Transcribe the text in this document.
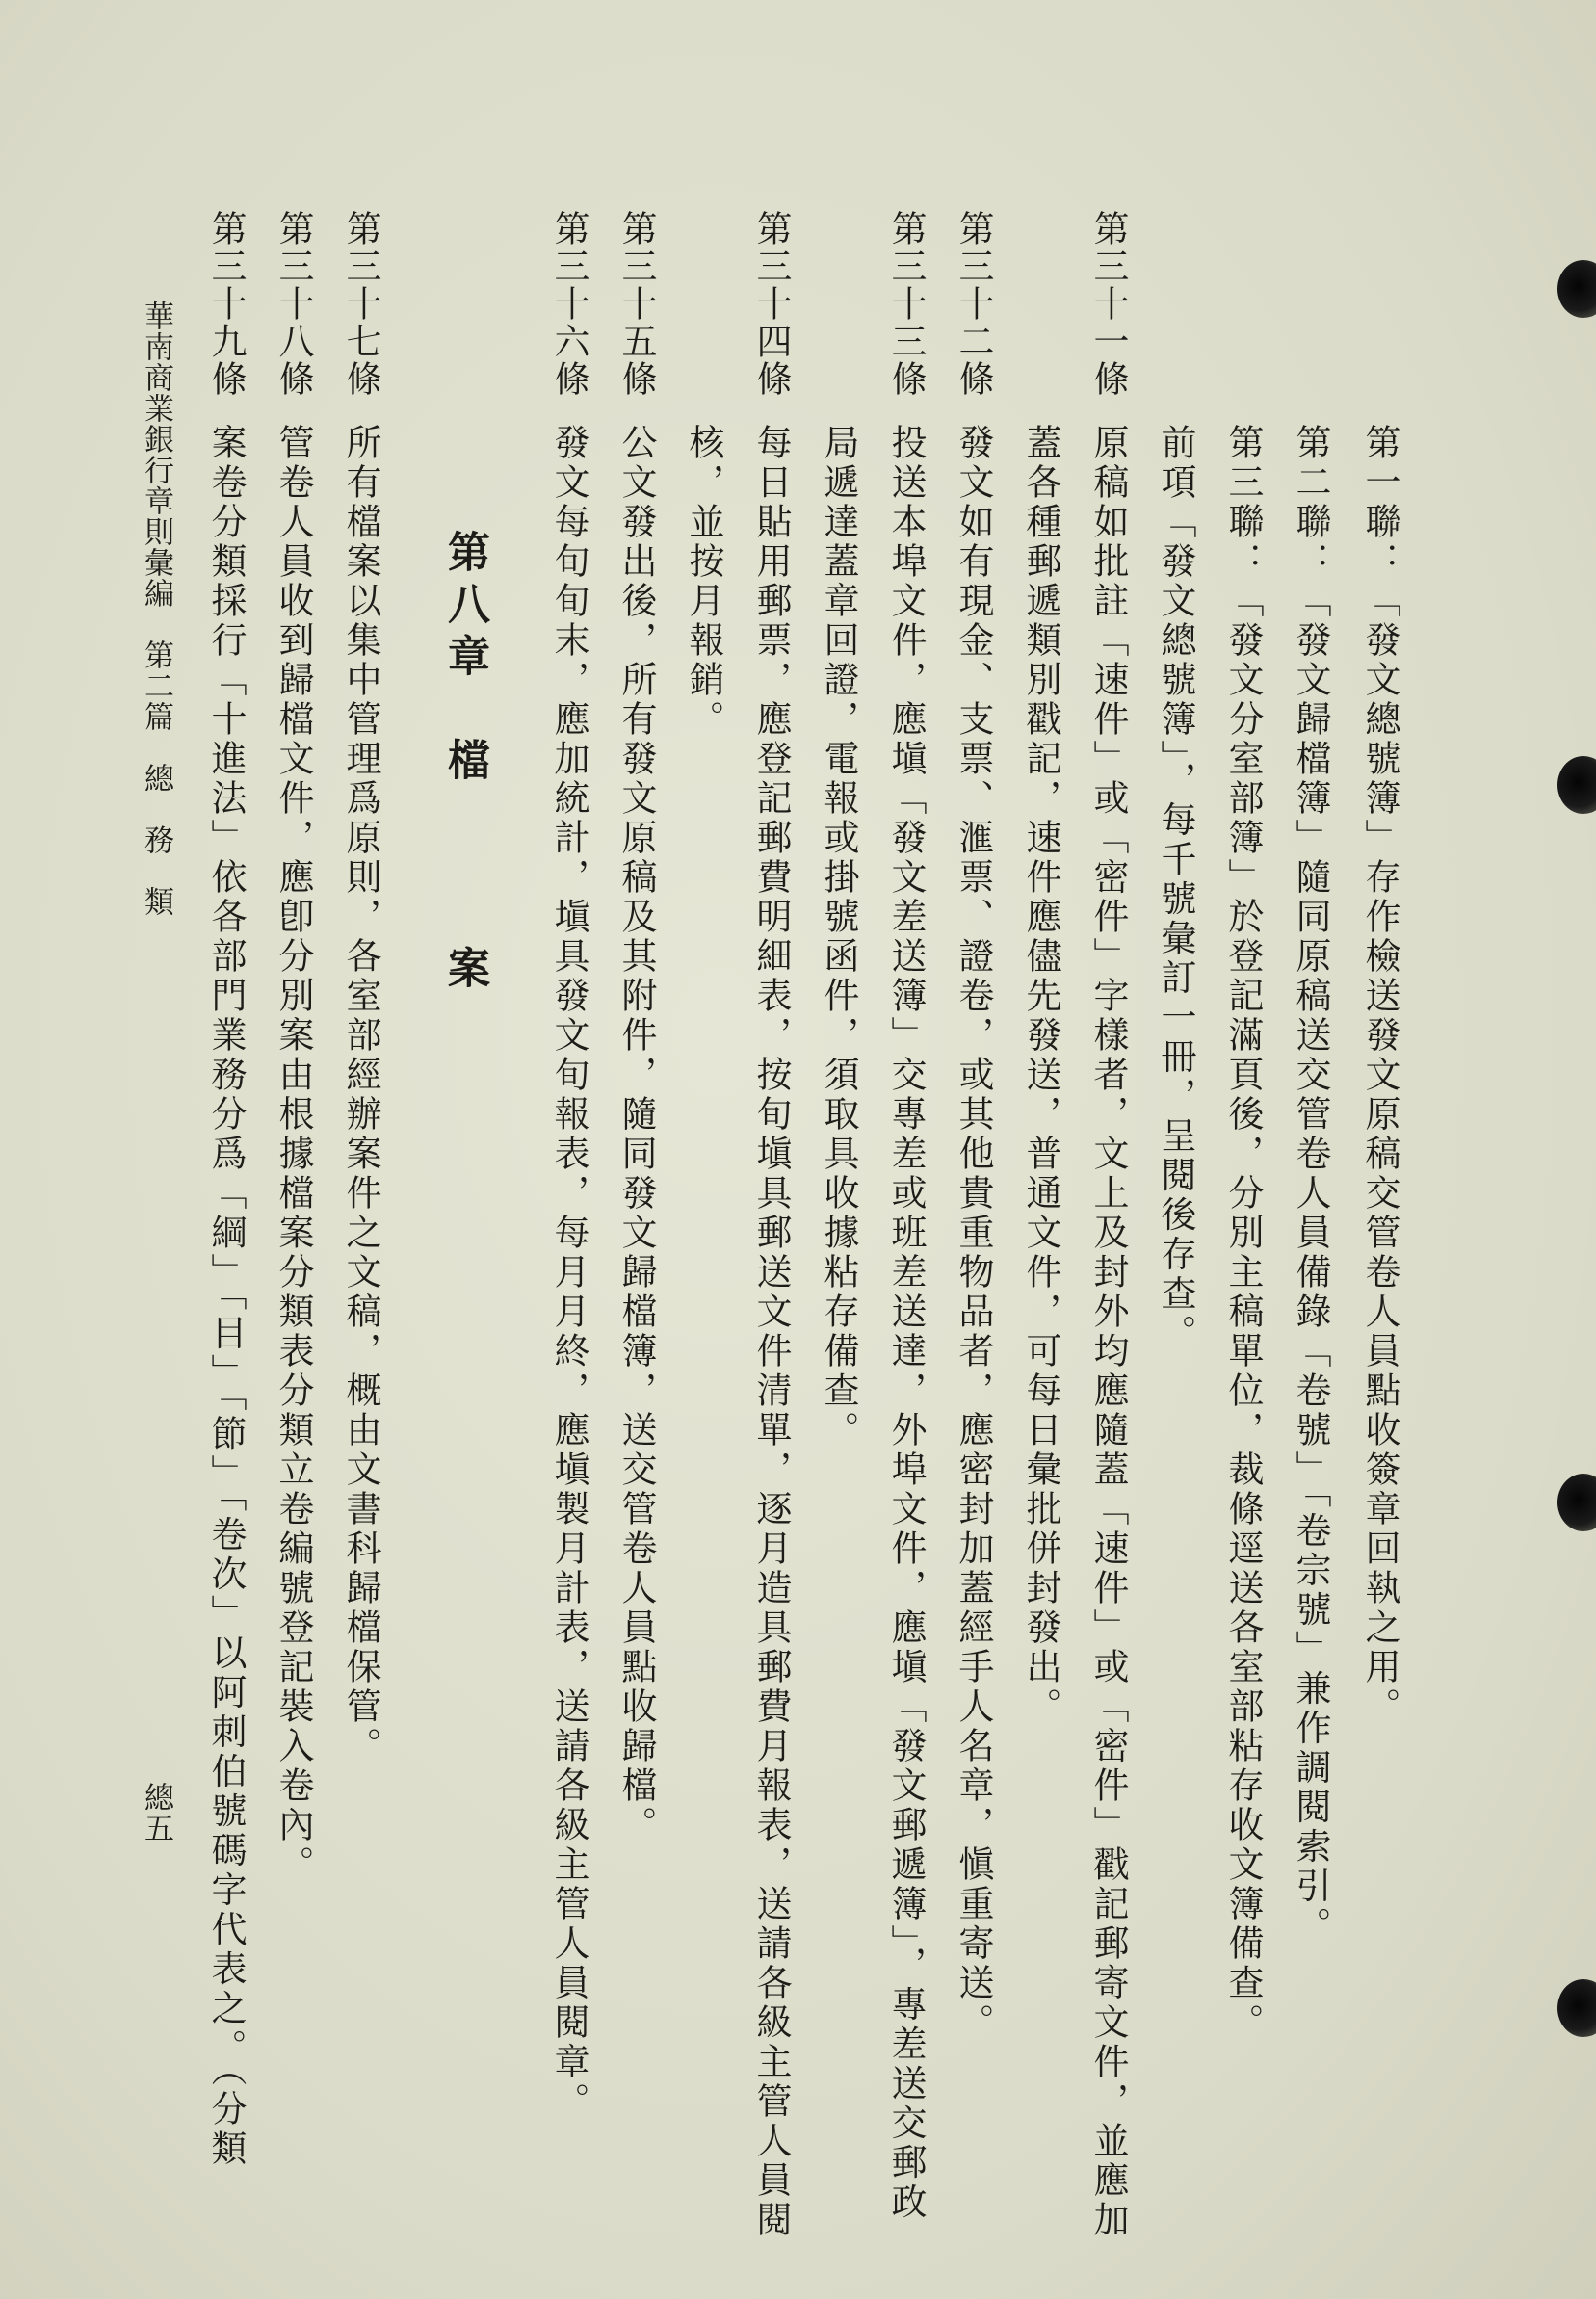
第一聯：「發文總號簿」存作檢送發文原稿交管卷人員點收簽章回執之用。
第二聯：「發文歸檔簿」隨同原稿送交管卷人員備錄「卷號」「卷宗號」兼作調閱索引。
第三聯：「發文分室部簿」於登記滿頁後，分別主稿單位，裁條逕送各室部粘存收文簿備查。
前項「發文總號簿」，每千號彙訂一冊，呈閱後存查。
第三十一條
原稿如批註「速件」或「密件」字樣者，文上及封外均應隨蓋「速件」或「密件」戳記郵寄文件，並應加
蓋各種郵遞類別戳記，速件應儘先發送，普通文件，可每日彙批併封發出。
第三十二條
發文如有現金、支票、滙票、證卷，或其他貴重物品者，應密封加蓋經手人名章，愼重寄送。
第三十三條
投送本埠文件，應塡「發文差送簿」交專差或班差送達，外埠文件，應塡「發文郵遞簿」，專差送交郵政
局遞達蓋章回證，電報或掛號函件，須取具收據粘存備查。
第三十四條
每日貼用郵票，應登記郵費明細表，按旬塡具郵送文件清單，逐月造具郵費月報表，送請各級主管人員閱
核，並按月報銷。
第三十五條
公文發出後，所有發文原稿及其附件，隨同發文歸檔簿，送交管卷人員點收歸檔。
第三十六條
發文每旬旬末，應加統計，塡具發文旬報表，每月月終，應塡製月計表，送請各級主管人員閱章。
第八章　檔　　　案
第三十七條
所有檔案以集中管理爲原則，各室部經辦案件之文稿，概由文書科歸檔保管。
第三十八條
管卷人員收到歸檔文件，應卽分別案由根據檔案分類表分類立卷編號登記裝入卷內。
第三十九條
案卷分類採行「十進法」依各部門業務分爲「綱」「目」「節」「卷次」以阿刺伯號碼字代表之。（分類
華南商業銀行章則彙編　第二篇　總　務　類
總五
